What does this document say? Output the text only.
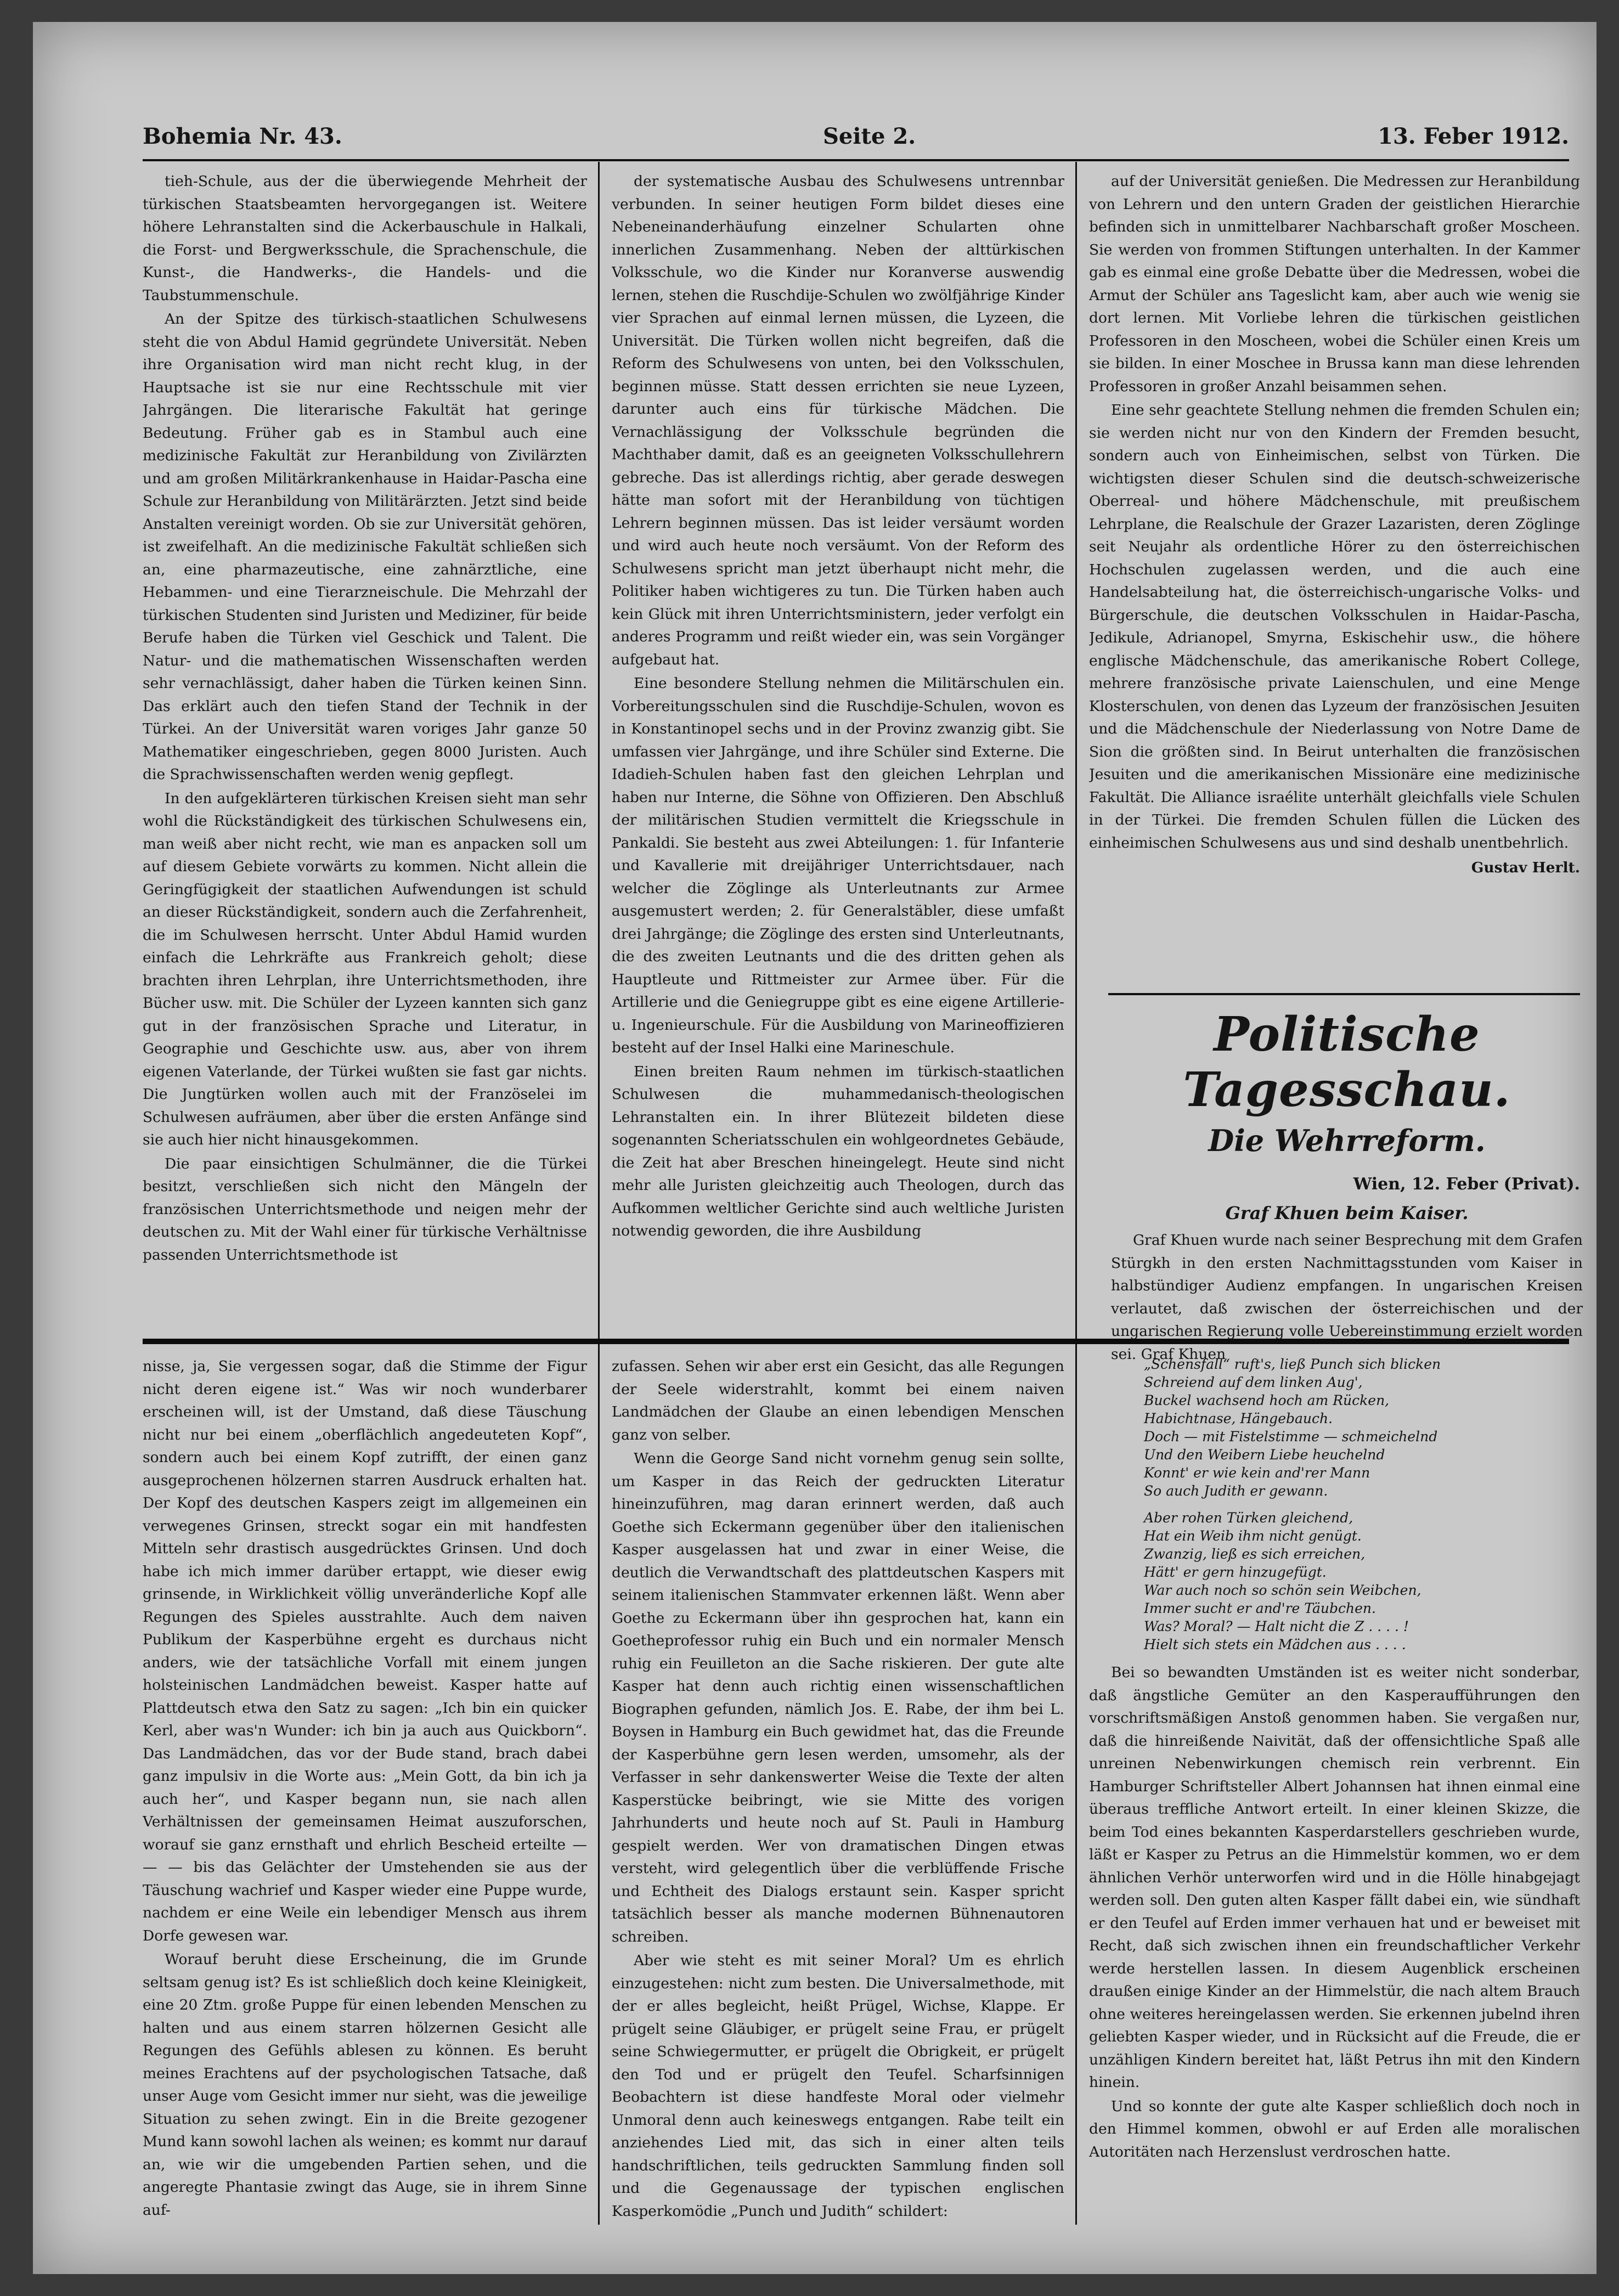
Bohemia Nr. 43.	Seite 2.	13. Feber 1912.

tieh-Schule, aus der die überwiegende Mehrheit der türkischen Staatsbeamten hervorgegangen ist. Weitere höhere Lehranstalten sind die Ackerbauschule in Halkali, die Forst- und Bergwerksschule, die Sprachenschule, die Kunst-, die Handwerks-, die Handels- und die Taubstummenschule.

An der Spitze des türkisch-staatlichen Schulwesens steht die von Abdul Hamid gegründete Universität. Neben ihre Organisation wird man nicht recht klug, in der Hauptsache ist sie nur eine Rechtsschule mit vier Jahrgängen. Die literarische Fakultät hat geringe Bedeutung. Früher gab es in Stambul auch eine medizinische Fakultät zur Heranbildung von Zivilärzten und am großen Militärkrankenhause in Haidar-Pascha eine Schule zur Heranbildung von Militärärzten. Jetzt sind beide Anstalten vereinigt worden. Ob sie zur Universität gehören, ist zweifelhaft. An die medizinische Fakultät schließen sich an, eine pharmazeutische, eine zahnärztliche, eine Hebammen- und eine Tierarzneischule. Die Mehrzahl der türkischen Studenten sind Juristen und Mediziner, für beide Berufe haben die Türken viel Geschick und Talent. Die Natur- und die mathematischen Wissenschaften werden sehr vernachlässigt, daher haben die Türken keinen Sinn. Das erklärt auch den tiefen Stand der Technik in der Türkei. An der Universität waren voriges Jahr ganze 50 Mathematiker eingeschrieben, gegen 8000 Juristen. Auch die Sprachwissenschaften werden wenig gepflegt.

In den aufgeklärteren türkischen Kreisen sieht man sehr wohl die Rückständigkeit des türkischen Schulwesens ein, man weiß aber nicht recht, wie man es anpacken soll um auf diesem Gebiete vorwärts zu kommen. Nicht allein die Geringfügigkeit der staatlichen Aufwendungen ist schuld an dieser Rückständigkeit, sondern auch die Zerfahrenheit, die im Schulwesen herrscht. Unter Abdul Hamid wurden einfach die Lehrkräfte aus Frankreich geholt; diese brachten ihren Lehrplan, ihre Unterrichtsmethoden, ihre Bücher usw. mit. Die Schüler der Lyzeen kannten sich ganz gut in der französischen Sprache und Literatur, in Geographie und Geschichte usw. aus, aber von ihrem eigenen Vaterlande, der Türkei wußten sie fast gar nichts. Die Jungtürken wollen auch mit der Französelei im Schulwesen aufräumen, aber über die ersten Anfänge sind sie auch hier nicht hinausgekommen.

Die paar einsichtigen Schulmänner, die die Türkei besitzt, verschließen sich nicht den Mängeln der französischen Unterrichtsmethode und neigen mehr der deutschen zu. Mit der Wahl einer für türkische Verhältnisse passenden Unterrichtsmethode ist

der systematische Ausbau des Schulwesens untrennbar verbunden. In seiner heutigen Form bildet dieses eine Nebeneinanderhäufung einzelner Schularten ohne innerlichen Zusammenhang. Neben der alttürkischen Volksschule, wo die Kinder nur Koranverse auswendig lernen, stehen die Ruschdije-Schulen wo zwölfjährige Kinder vier Sprachen auf einmal lernen müssen, die Lyzeen, die Universität. Die Türken wollen nicht begreifen, daß die Reform des Schulwesens von unten, bei den Volksschulen, beginnen müsse. Statt dessen errichten sie neue Lyzeen, darunter auch eins für türkische Mädchen. Die Vernachlässigung der Volksschule begründen die Machthaber damit, daß es an geeigneten Volksschullehrern gebreche. Das ist allerdings richtig, aber gerade deswegen hätte man sofort mit der Heranbildung von tüchtigen Lehrern beginnen müssen. Das ist leider versäumt worden und wird auch heute noch versäumt. Von der Reform des Schulwesens spricht man jetzt überhaupt nicht mehr, die Politiker haben wichtigeres zu tun. Die Türken haben auch kein Glück mit ihren Unterrichtsministern, jeder verfolgt ein anderes Programm und reißt wieder ein, was sein Vorgänger aufgebaut hat.

Eine besondere Stellung nehmen die Militärschulen ein. Vorbereitungsschulen sind die Ruschdije-Schulen, wovon es in Konstantinopel sechs und in der Provinz zwanzig gibt. Sie umfassen vier Jahrgänge, und ihre Schüler sind Externe. Die Idadieh-Schulen haben fast den gleichen Lehrplan und haben nur Interne, die Söhne von Offizieren. Den Abschluß der militärischen Studien vermittelt die Kriegsschule in Pankaldi. Sie besteht aus zwei Abteilungen: 1. für Infanterie und Kavallerie mit dreijähriger Unterrichtsdauer, nach welcher die Zöglinge als Unterleutnants zur Armee ausgemustert werden; 2. für Generalstäbler, diese umfaßt drei Jahrgänge; die Zöglinge des ersten sind Unterleutnants, die des zweiten Leutnants und die des dritten gehen als Hauptleute und Rittmeister zur Armee über. Für die Artillerie und die Geniegruppe gibt es eine eigene Artillerie- u. Ingenieurschule. Für die Ausbildung von Marineoffizieren besteht auf der Insel Halki eine Marineschule.

Einen breiten Raum nehmen im türkisch-staatlichen Schulwesen die muhammedanisch-theologischen Lehranstalten ein. In ihrer Blütezeit bildeten diese sogenannten Scheriatsschulen ein wohlgeordnetes Gebäude, die Zeit hat aber Breschen hineingelegt. Heute sind nicht mehr alle Juristen gleichzeitig auch Theologen, durch das Aufkommen weltlicher Gerichte sind auch weltliche Juristen notwendig geworden, die ihre Ausbildung

auf der Universität genießen. Die Medressen zur Heranbildung von Lehrern und den untern Graden der geistlichen Hierarchie befinden sich in unmittelbarer Nachbarschaft großer Moscheen. Sie werden von frommen Stiftungen unterhalten. In der Kammer gab es einmal eine große Debatte über die Medressen, wobei die Armut der Schüler ans Tageslicht kam, aber auch wie wenig sie dort lernen. Mit Vorliebe lehren die türkischen geistlichen Professoren in den Moscheen, wobei die Schüler einen Kreis um sie bilden. In einer Moschee in Brussa kann man diese lehrenden Professoren in großer Anzahl beisammen sehen.

Eine sehr geachtete Stellung nehmen die fremden Schulen ein; sie werden nicht nur von den Kindern der Fremden besucht, sondern auch von Einheimischen, selbst von Türken. Die wichtigsten dieser Schulen sind die deutsch-schweizerische Oberreal- und höhere Mädchenschule, mit preußischem Lehrplane, die Realschule der Grazer Lazaristen, deren Zöglinge seit Neujahr als ordentliche Hörer zu den österreichischen Hochschulen zugelassen werden, und die auch eine Handelsabteilung hat, die österreichisch-ungarische Volks- und Bürgerschule, die deutschen Volksschulen in Haidar-Pascha, Jedikule, Adrianopel, Smyrna, Eskischehir usw., die höhere englische Mädchenschule, das amerikanische Robert College, mehrere französische private Laienschulen, und eine Menge Klosterschulen, von denen das Lyzeum der französischen Jesuiten und die Mädchenschule der Niederlassung von Notre Dame de Sion die größten sind. In Beirut unterhalten die französischen Jesuiten und die amerikanischen Missionäre eine medizinische Fakultät. Die Alliance israélite unterhält gleichfalls viele Schulen in der Türkei. Die fremden Schulen füllen die Lücken des einheimischen Schulwesens aus und sind deshalb unentbehrlich.

Gustav Herlt.
Politische Tagesschau.
Die Wehrreform.
Wien, 12. Feber (Privat).
Graf Khuen beim Kaiser.
Graf Khuen wurde nach seiner Besprechung mit dem Grafen Stürgkh in den ersten Nachmittagsstunden vom Kaiser in halbstündiger Audienz empfangen. In ungarischen Kreisen verlautet, daß zwischen der österreichischen und der ungarischen Regierung volle Uebereinstimmung erzielt worden sei. Graf Khuen

nisse, ja, Sie vergessen sogar, daß die Stimme der Figur nicht deren eigene ist.“ Was wir noch wunderbarer erscheinen will, ist der Umstand, daß diese Täuschung nicht nur bei einem „oberflächlich angedeuteten Kopf“, sondern auch bei einem Kopf zutrifft, der einen ganz ausgeprochenen hölzernen starren Ausdruck erhalten hat. Der Kopf des deutschen Kaspers zeigt im allgemeinen ein verwegenes Grinsen, streckt sogar ein mit handfesten Mitteln sehr drastisch ausgedrücktes Grinsen. Und doch habe ich mich immer darüber ertappt, wie dieser ewig grinsende, in Wirklichkeit völlig unveränderliche Kopf alle Regungen des Spieles ausstrahlte. Auch dem naiven Publikum der Kasperbühne ergeht es durchaus nicht anders, wie der tatsächliche Vorfall mit einem jungen holsteinischen Landmädchen beweist. Kasper hatte auf Plattdeutsch etwa den Satz zu sagen: „Ich bin ein quicker Kerl, aber was'n Wunder: ich bin ja auch aus Quickborn“. Das Landmädchen, das vor der Bude stand, brach dabei ganz impulsiv in die Worte aus: „Mein Gott, da bin ich ja auch her“, und Kasper begann nun, sie nach allen Verhältnissen der gemeinsamen Heimat auszuforschen, worauf sie ganz ernsthaft und ehrlich Bescheid erteilte — — — bis das Gelächter der Umstehenden sie aus der Täuschung wachrief und Kasper wieder eine Puppe wurde, nachdem er eine Weile ein lebendiger Mensch aus ihrem Dorfe gewesen war.

Worauf beruht diese Erscheinung, die im Grunde seltsam genug ist? Es ist schließlich doch keine Kleinigkeit, eine 20 Ztm. große Puppe für einen lebenden Menschen zu halten und aus einem starren hölzernen Gesicht alle Regungen des Gefühls ablesen zu können. Es beruht meines Erachtens auf der psychologischen Tatsache, daß unser Auge vom Gesicht immer nur sieht, was die jeweilige Situation zu sehen zwingt. Ein in die Breite gezogener Mund kann sowohl lachen als weinen; es kommt nur darauf an, wie wir die umgebenden Partien sehen, und die angeregte Phantasie zwingt das Auge, sie in ihrem Sinne auf-

zufassen. Sehen wir aber erst ein Gesicht, das alle Regungen der Seele widerstrahlt, kommt bei einem naiven Landmädchen der Glaube an einen lebendigen Menschen ganz von selber.

Wenn die George Sand nicht vornehm genug sein sollte, um Kasper in das Reich der gedruckten Literatur hineinzuführen, mag daran erinnert werden, daß auch Goethe sich Eckermann gegenüber über den italienischen Kasper ausgelassen hat und zwar in einer Weise, die deutlich die Verwandtschaft des plattdeutschen Kaspers mit seinem italienischen Stammvater erkennen läßt. Wenn aber Goethe zu Eckermann über ihn gesprochen hat, kann ein Goetheprofessor ruhig ein Buch und ein normaler Mensch ruhig ein Feuilleton an die Sache riskieren. Der gute alte Kasper hat denn auch richtig einen wissenschaftlichen Biographen gefunden, nämlich Jos. E. Rabe, der ihm bei L. Boysen in Hamburg ein Buch gewidmet hat, das die Freunde der Kasperbühne gern lesen werden, umsomehr, als der Verfasser in sehr dankenswerter Weise die Texte der alten Kasperstücke beibringt, wie sie Mitte des vorigen Jahrhunderts und heute noch auf St. Pauli in Hamburg gespielt werden. Wer von dramatischen Dingen etwas versteht, wird gelegentlich über die verblüffende Frische und Echtheit des Dialogs erstaunt sein. Kasper spricht tatsächlich besser als manche modernen Bühnenautoren schreiben.

Aber wie steht es mit seiner Moral? Um es ehrlich einzugestehen: nicht zum besten. Die Universalmethode, mit der er alles begleicht, heißt Prügel, Wichse, Klappe. Er prügelt seine Gläubiger, er prügelt seine Frau, er prügelt seine Schwiegermutter, er prügelt die Obrigkeit, er prügelt den Tod und er prügelt den Teufel. Scharfsinnigen Beobachtern ist diese handfeste Moral oder vielmehr Unmoral denn auch keineswegs entgangen. Rabe teilt ein anziehendes Lied mit, das sich in einer alten teils handschriftlichen, teils gedruckten Sammlung finden soll und die Gegenaussage der typischen englischen Kasperkomödie „Punch und Judith“ schildert:

„Schensfall“ ruft's, ließ Punch sich blicken
Schreiend auf dem linken Aug',
Buckel wachsend hoch am Rücken,
Habichtnase, Hängebauch.
Doch — mit Fistelstimme — schmeichelnd
Und den Weibern Liebe heuchelnd
Konnt' er wie kein and'rer Mann
So auch Judith er gewann.
Aber rohen Türken gleichend,
Hat ein Weib ihm nicht genügt.
Zwanzig, ließ es sich erreichen,
Hätt' er gern hinzugefügt.
War auch noch so schön sein Weibchen,
Immer sucht er and're Täubchen.
Was? Moral? — Halt nicht die Z . . . . !
Hielt sich stets ein Mädchen aus . . . .

Bei so bewandten Umständen ist es weiter nicht sonderbar, daß ängstliche Gemüter an den Kasperaufführungen den vorschriftsmäßigen Anstoß genommen haben. Sie vergaßen nur, daß die hinreißende Naivität, daß der offensichtliche Spaß alle unreinen Nebenwirkungen chemisch rein verbrennt. Ein Hamburger Schriftsteller Albert Johannsen hat ihnen einmal eine überaus treffliche Antwort erteilt. In einer kleinen Skizze, die beim Tod eines bekannten Kasperdarstellers geschrieben wurde, läßt er Kasper zu Petrus an die Himmelstür kommen, wo er dem ähnlichen Verhör unterworfen wird und in die Hölle hinabgejagt werden soll. Den guten alten Kasper fällt dabei ein, wie sündhaft er den Teufel auf Erden immer verhauen hat und er beweiset mit Recht, daß sich zwischen ihnen ein freundschaftlicher Verkehr werde herstellen lassen. In diesem Augenblick erscheinen draußen einige Kinder an der Himmelstür, die nach altem Brauch ohne weiteres hereingelassen werden. Sie erkennen jubelnd ihren geliebten Kasper wieder, und in Rücksicht auf die Freude, die er unzähligen Kindern bereitet hat, läßt Petrus ihn mit den Kindern hinein.

Und so konnte der gute alte Kasper schließlich doch noch in den Himmel kommen, obwohl er auf Erden alle moralischen Autoritäten nach Herzenslust verdroschen hatte.
